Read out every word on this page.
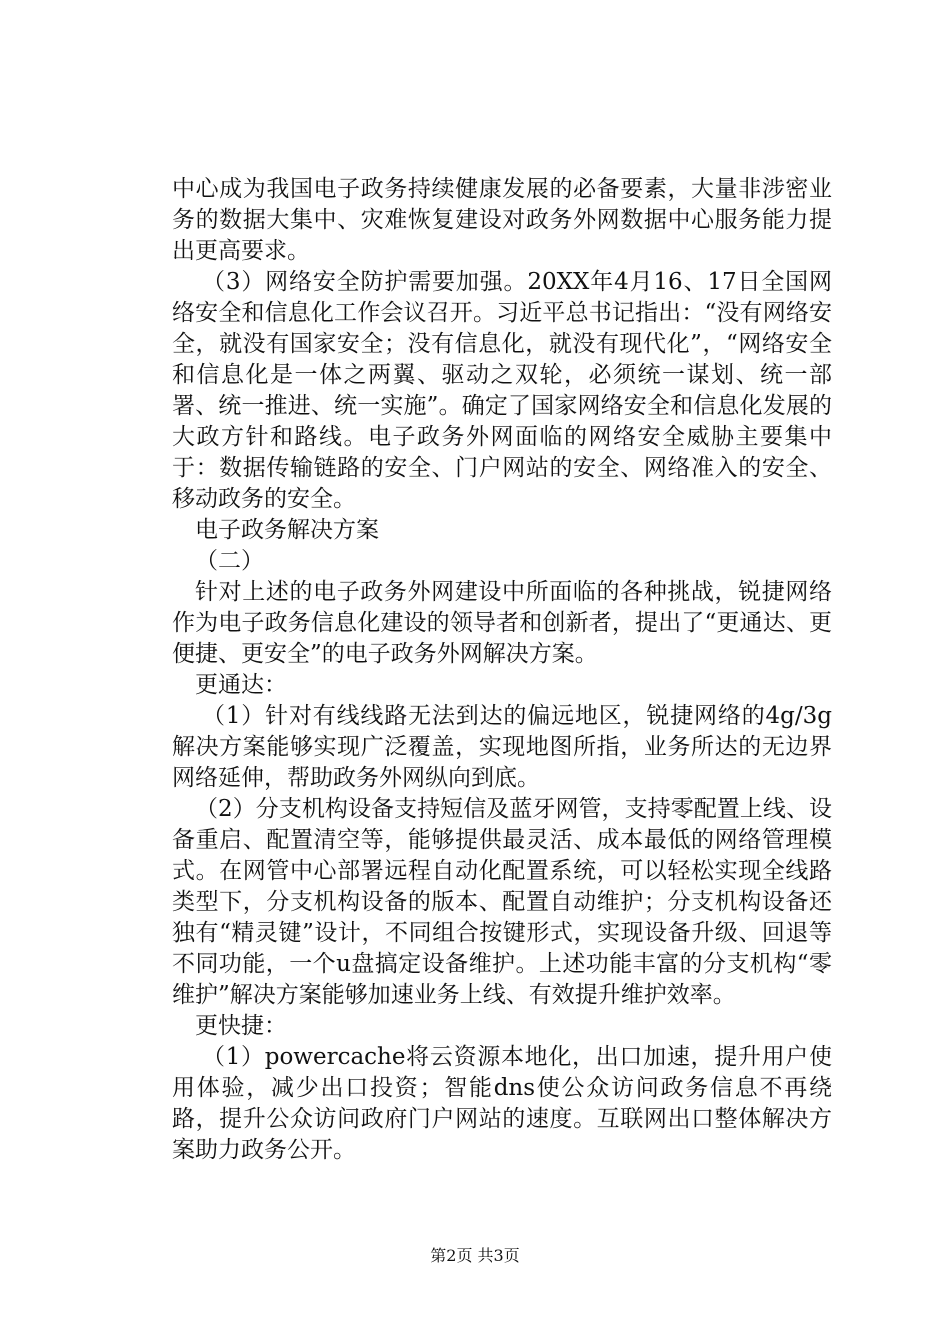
中心成为我国电子政务持续健康发展的必备要素，大量非涉密业务的数据大集中、灾难恢复建设对政务外网数据中心服务能力提出更高要求。

（3）网络安全防护需要加强。20XX年4月16、17日全国网络安全和信息化工作会议召开。习近平总书记指出：“没有网络安全，就没有国家安全；没有信息化，就没有现代化”，“网络安全和信息化是一体之两翼、驱动之双轮，必须统一谋划、统一部署、统一推进、统一实施”。确定了国家网络安全和信息化发展的大政方针和路线。电子政务外网面临的网络安全威胁主要集中于：数据传输链路的安全、门户网站的安全、网络准入的安全、移动政务的安全。

电子政务解决方案

（二）

针对上述的电子政务外网建设中所面临的各种挑战，锐捷网络作为电子政务信息化建设的领导者和创新者，提出了“更通达、更便捷、更安全”的电子政务外网解决方案。

更通达：

（1）针对有线线路无法到达的偏远地区，锐捷网络的4g/3g解决方案能够实现广泛覆盖，实现地图所指，业务所达的无边界网络延伸，帮助政务外网纵向到底。

（2）分支机构设备支持短信及蓝牙网管，支持零配置上线、设备重启、配置清空等，能够提供最灵活、成本最低的网络管理模式。在网管中心部署远程自动化配置系统，可以轻松实现全线路类型下，分支机构设备的版本、配置自动维护；分支机构设备还独有“精灵键”设计，不同组合按键形式，实现设备升级、回退等不同功能，一个u盘搞定设备维护。上述功能丰富的分支机构“零维护”解决方案能够加速业务上线、有效提升维护效率。

更快捷：

（1）powercache将云资源本地化，出口加速，提升用户使用体验，减少出口投资；智能dns使公众访问政务信息不再绕路，提升公众访问政府门户网站的速度。互联网出口整体解决方案助力政务公开。

第2页 共3页
